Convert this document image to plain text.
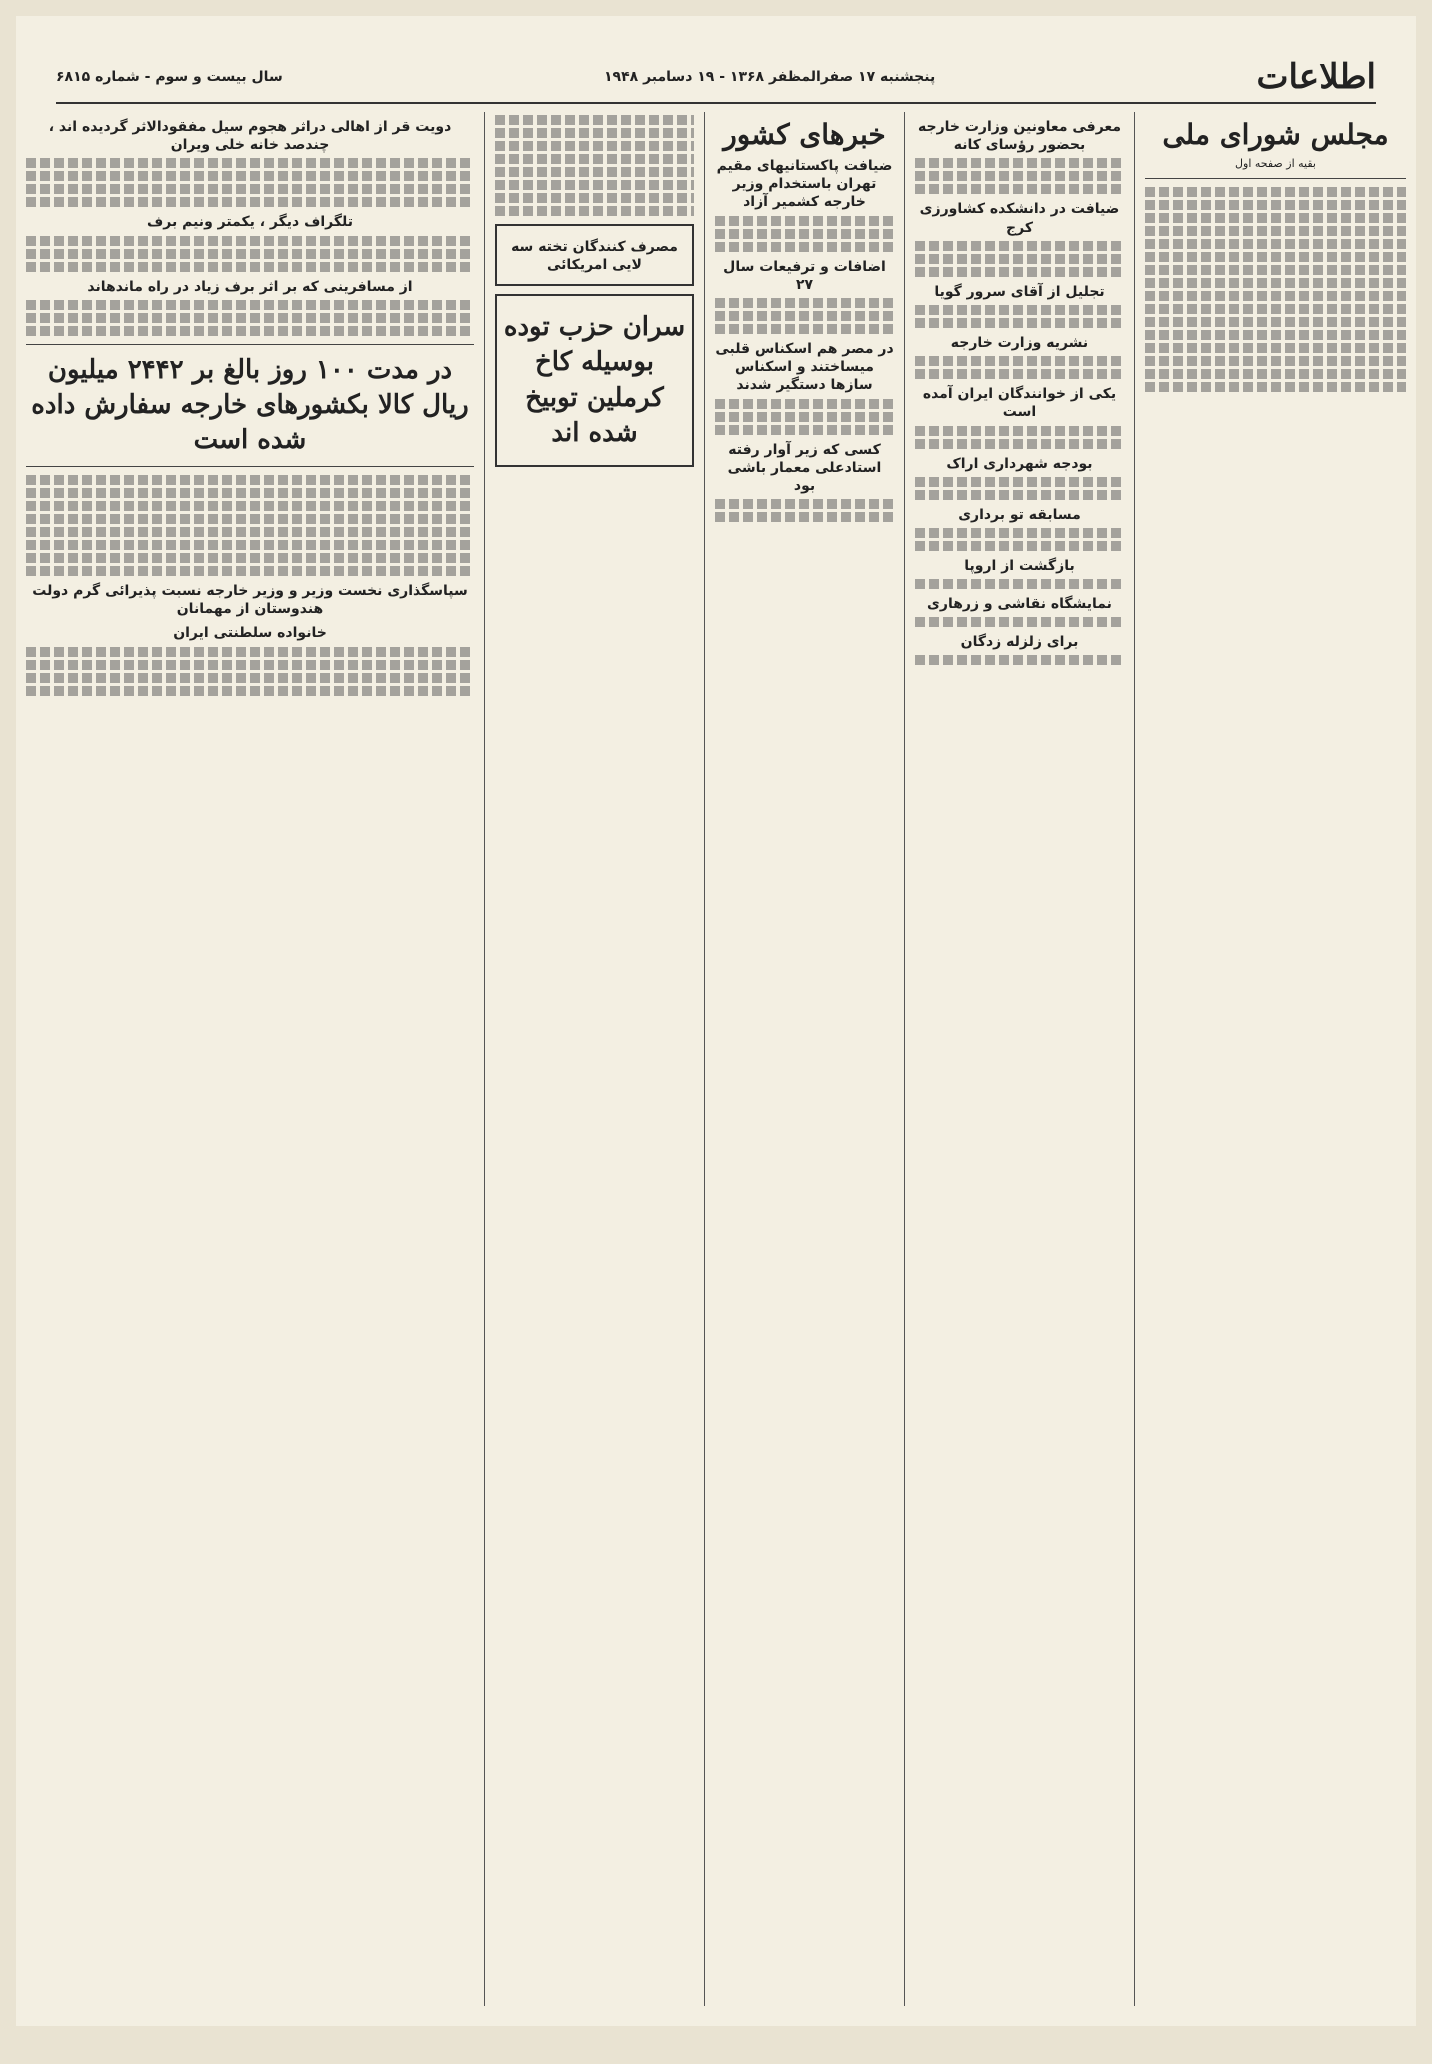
اطلاعات
پنجشنبه ۱۷ صفرالمظفر ۱۳۶۸ - ۱۹ دسامبر ۱۹۴۸
سال بیست و سوم - شماره ۶۸۱۵
مجلس شورای ملی
بقیه از صفحه اول
معرفی معاونین وزارت خارجه بحضور رؤسای کانه
ضیافت در دانشکده کشاورزی کرج
تجلیل از آقای سرور گویا
نشریه وزارت خارجه
یکی از خوانندگان ایران آمده است
بودجه شهرداری اراک
مسابقه تو برداری
بازگشت از اروپا
نمایشگاه نقاشی و زرهاری
برای زلزله زدگان
خبرهای کشور
ضیافت پاکستانیهای مقیم تهران باستخدام وزیر خارجه کشمیر آزاد
اضافات و ترفیعات سال ۲۷
در مصر هم اسکناس قلبی میساختند و اسکناس سازها دستگیر شدند
کسی که زیر آوار رفته استادعلی معمار باشی بود
مصرف کنندگان تخته سه لایی امریکائی
سران حزب توده بوسیله کاخ کرملین توبیخ شده اند
دویت قر از اهالی دراثر هجوم سیل مفقودالاثر گردیده اند ، چندصد خانه خلی ویران
تلگراف دیگر ، یکمتر ونیم برف
از مسافرینی که بر اثر برف زیاد در راه ماندهاند
در مدت ۱۰۰ روز بالغ بر ۲۴۴۲ میلیون ریال کالا بکشورهای خارجه سفارش داده شده است
سپاسگذاری نخست وزیر و وزیر خارجه نسبت پذیرائی گرم دولت هندوستان از مهمانان
خانواده سلطنتی ایران
